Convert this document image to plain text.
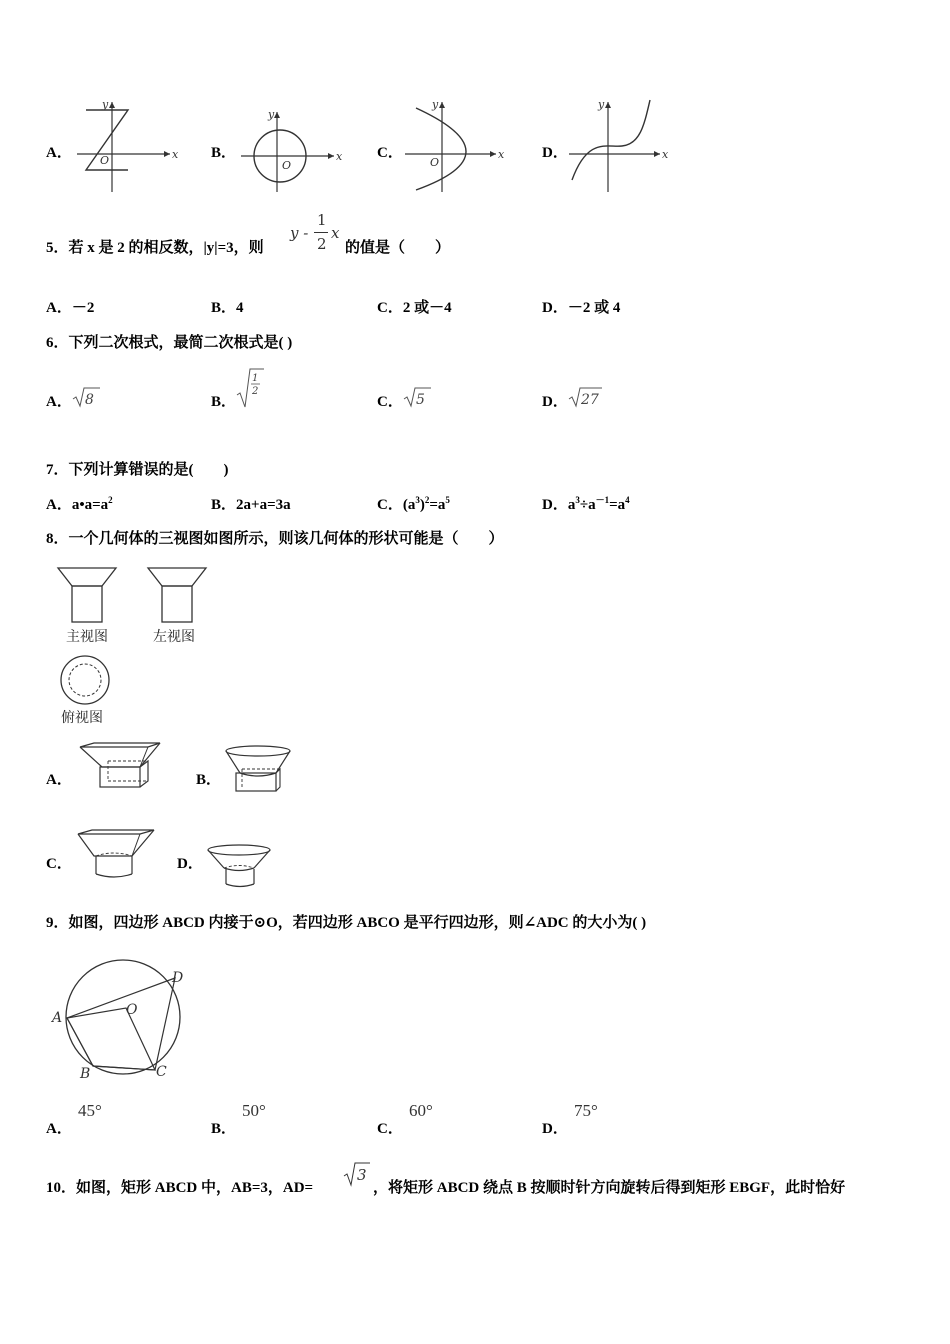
A．	x
y
O	B．	x
y
O
C．	x
y
O
D．	x
y
5．若 x 是 2 的相反数，|y|=3，则
y -
1
2
x
的值是（　　）
A．－2	B．4	C．2 或－4	D．－2 或 4
6．下列二次根式，最简二次根式是( )
A． 8	B．
1
2
C． 5	D． 27
7．下列计算错误的是(　　)
A．$a•a=a^2$	B．2a+a=3a	C．$(a^3)^2=a^5$	D．$a^3\div a^{-1}=a^4$
8．一个几何体的三视图如图所示，则该几何体的形状可能是（　　）
主视图	左视图
俯视图
A．	B．
C．	D．
9．如图，四边形 ABCD 内接于⊙O，若四边形 ABCO 是平行四边形，则∠ADC 的大小为( )
A
B	C
D
O
A．
45°
B．
50°
C．
60°
D．
75°
10．如图，矩形 ABCD 中，AB=3，AD=
3
，将矩形 ABCD 绕点 B 按顺时针方向旋转后得到矩形 EBGF，此时恰好
